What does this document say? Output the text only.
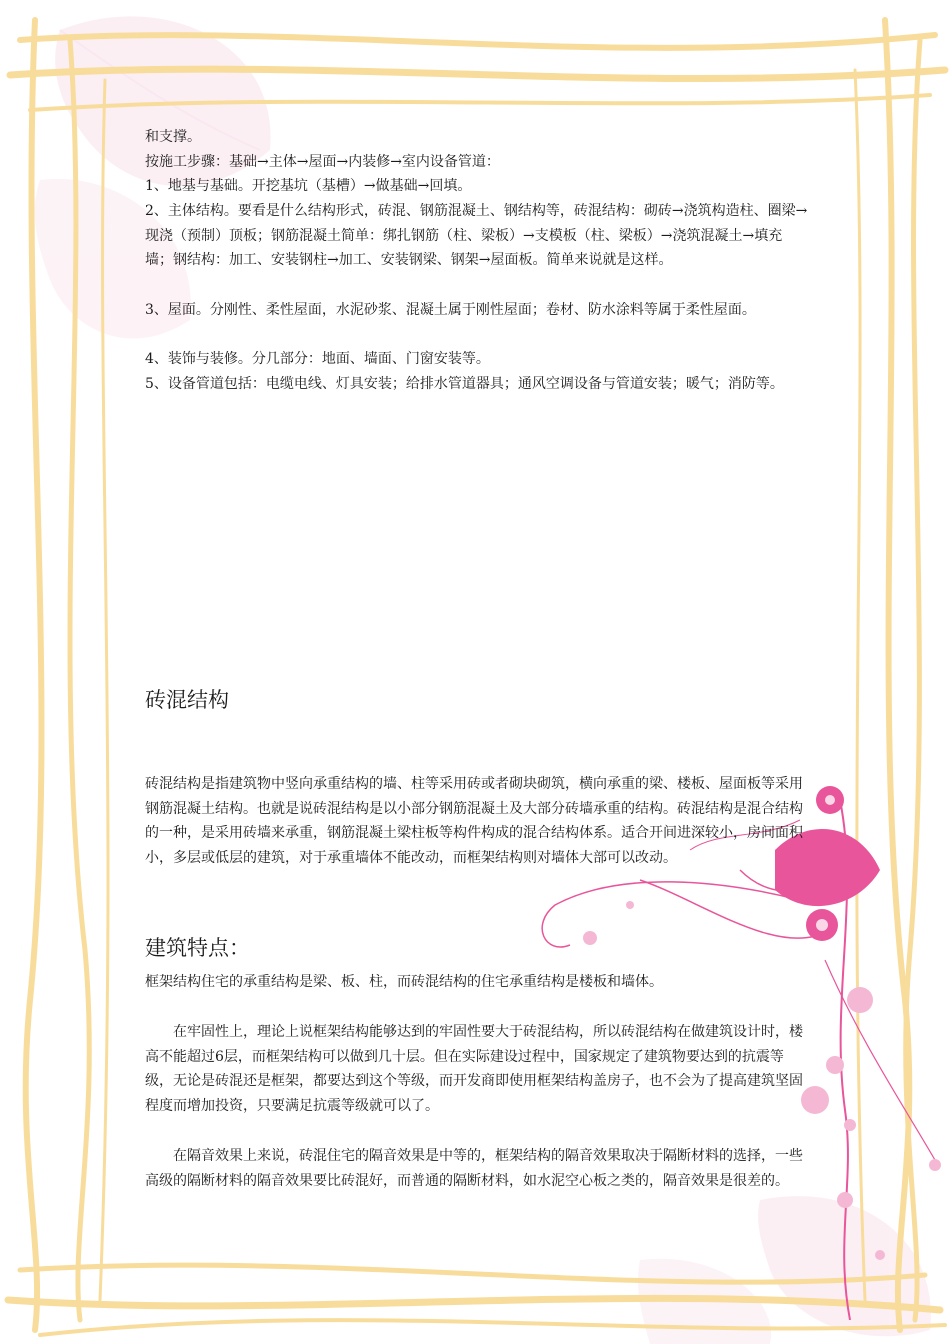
和支撑。

按施工步骤：基础→主体→屋面→内装修→室内设备管道：

1、地基与基础。开挖基坑（基槽）→做基础→回填。

2、主体结构。要看是什么结构形式，砖混、钢筋混凝土、钢结构等，砖混结构：砌砖→浇筑构造柱、圈梁→现浇（预制）顶板；钢筋混凝土简单：绑扎钢筋（柱、梁板）→支模板（柱、梁板）→浇筑混凝土→填充墙；钢结构：加工、安装钢柱→加工、安装钢梁、钢架→屋面板。简单来说就是这样。

3、屋面。分刚性、柔性屋面，水泥砂浆、混凝土属于刚性屋面；卷材、防水涂料等属于柔性屋面。

4、装饰与装修。分几部分：地面、墙面、门窗安装等。

5、设备管道包括：电缆电线、灯具安装；给排水管道器具；通风空调设备与管道安装；暖气；消防等。

砖混结构

砖混结构是指建筑物中竖向承重结构的墙、柱等采用砖或者砌块砌筑，横向承重的梁、楼板、屋面板等采用钢筋混凝土结构。也就是说砖混结构是以小部分钢筋混凝土及大部分砖墙承重的结构。砖混结构是混合结构的一种，是采用砖墙来承重，钢筋混凝土梁柱板等构件构成的混合结构体系。适合开间进深较小，房间面积小，多层或低层的建筑，对于承重墙体不能改动，而框架结构则对墙体大部可以改动。

建筑特点：

框架结构住宅的承重结构是梁、板、柱，而砖混结构的住宅承重结构是楼板和墙体。

在牢固性上，理论上说框架结构能够达到的牢固性要大于砖混结构，所以砖混结构在做建筑设计时，楼高不能超过6层，而框架结构可以做到几十层。但在实际建设过程中，国家规定了建筑物要达到的抗震等级，无论是砖混还是框架，都要达到这个等级，而开发商即使用框架结构盖房子，也不会为了提高建筑坚固程度而增加投资，只要满足抗震等级就可以了。

在隔音效果上来说，砖混住宅的隔音效果是中等的，框架结构的隔音效果取决于隔断材料的选择，一些高级的隔断材料的隔音效果要比砖混好，而普通的隔断材料，如水泥空心板之类的，隔音效果是很差的。
